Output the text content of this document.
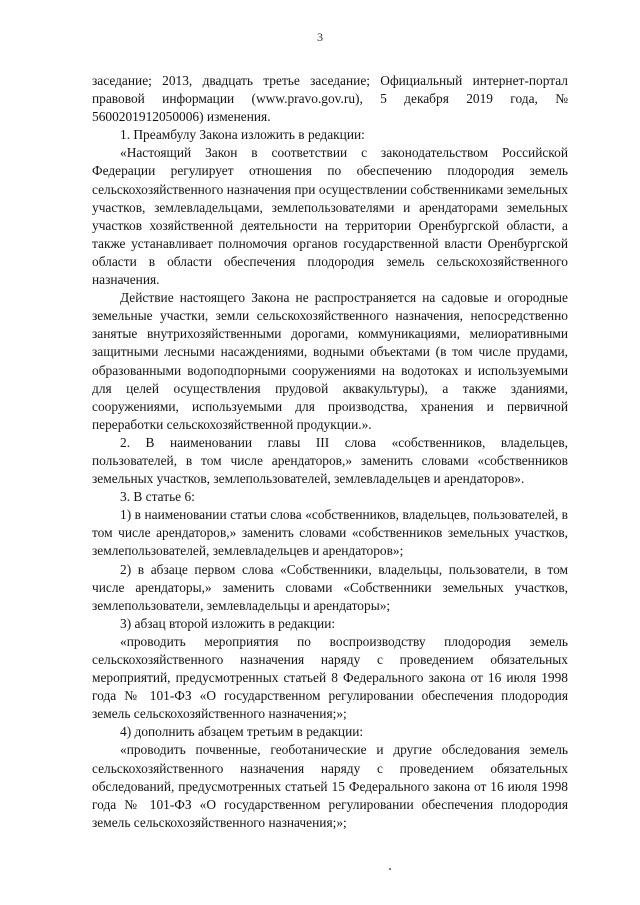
3

заседание; 2013, двадцать третье заседание; Официальный интернет-портал правовой информации (www.pravo.gov.ru), 5 декабря 2019 года, № 5600201912050006) изменения.

1. Преамбулу Закона изложить в редакции:

«Настоящий Закон в соответствии с законодательством Российской Федерации регулирует отношения по обеспечению плодородия земель сельскохозяйственного назначения при осуществлении собственниками земельных участков, землевладельцами, землепользователями и арендаторами земельных участков хозяйственной деятельности на территории Оренбургской области, а также устанавливает полномочия органов государственной власти Оренбургской области в области обеспечения плодородия земель сельскохозяйственного назначения.

Действие настоящего Закона не распространяется на садовые и огородные земельные участки, земли сельскохозяйственного назначения, непосредственно занятые внутрихозяйственными дорогами, коммуникациями, мелиоративными защитными лесными насаждениями, водными объектами (в том числе прудами, образованными водоподпорными сооружениями на водотоках и используемыми для целей осуществления прудовой аквакультуры), а также зданиями, сооружениями, используемыми для производства, хранения и первичной переработки сельскохозяйственной продукции.».

2. В наименовании главы III слова «собственников, владельцев, пользователей, в том числе арендаторов,» заменить словами «собственников земельных участков, землепользователей, землевладельцев и арендаторов».

3. В статье 6:

1) в наименовании статьи слова «собственников, владельцев, пользователей, в том числе арендаторов,» заменить словами «собственников земельных участков, землепользователей, землевладельцев и арендаторов»;

2) в абзаце первом слова «Собственники, владельцы, пользователи, в том числе арендаторы,» заменить словами «Собственники земельных участков, землепользователи, землевладельцы и арендаторы»;

3) абзац второй изложить в редакции:

«проводить мероприятия по воспроизводству плодородия земель сельскохозяйственного назначения наряду с проведением обязательных мероприятий, предусмотренных статьей 8 Федерального закона от 16 июля 1998 года № 101-ФЗ «О государственном регулировании обеспечения плодородия земель сельскохозяйственного назначения;»;

4) дополнить абзацем третьим в редакции:

«проводить почвенные, геоботанические и другие обследования земель сельскохозяйственного назначения наряду с проведением обязательных обследований, предусмотренных статьей 15 Федерального закона от 16 июля 1998 года № 101-ФЗ «О государственном регулировании обеспечения плодородия земель сельскохозяйственного назначения;»;
